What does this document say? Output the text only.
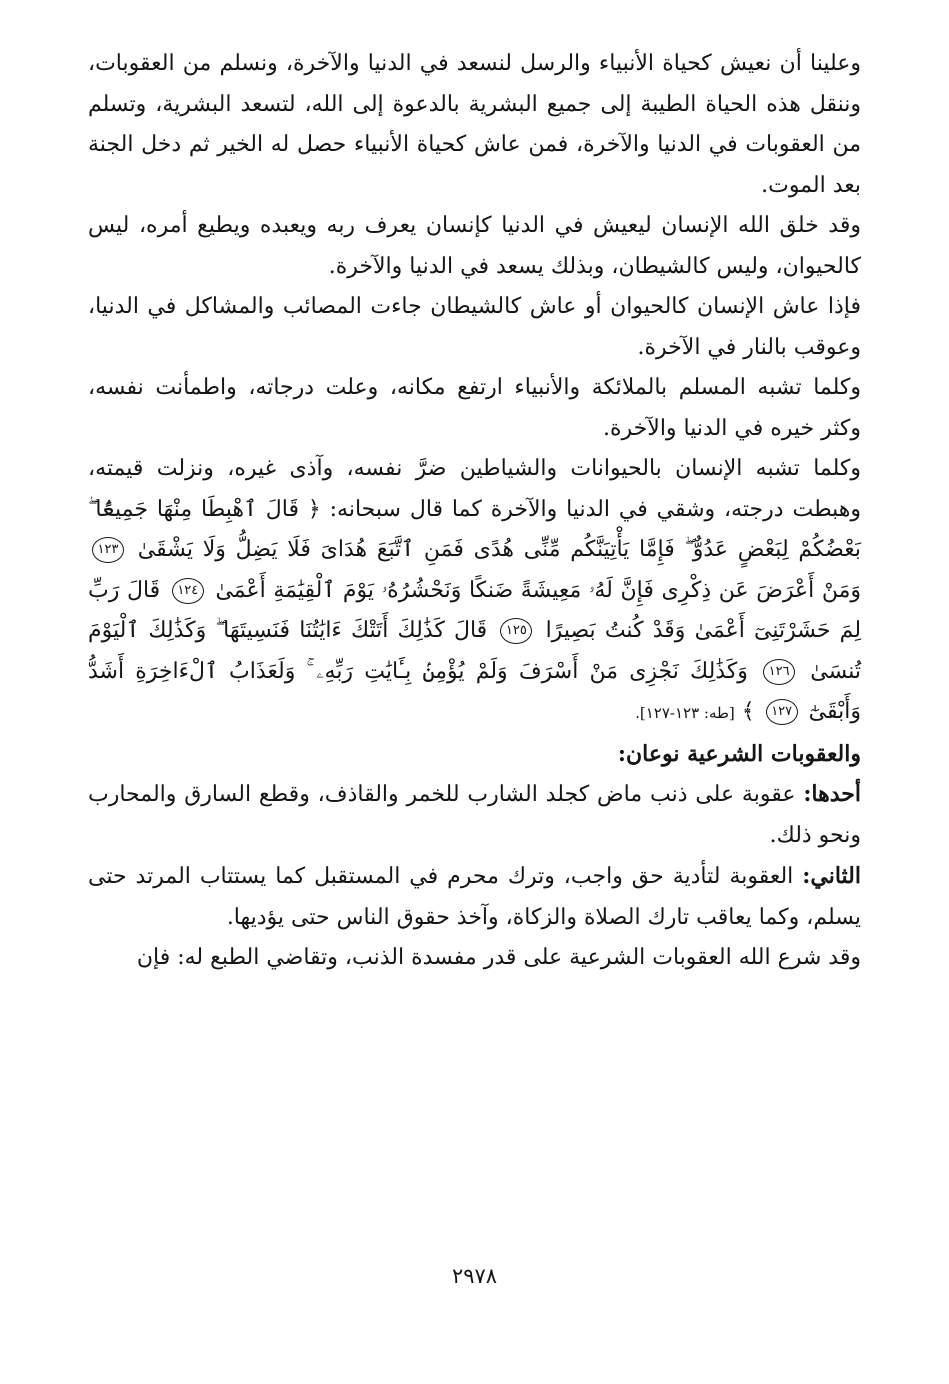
وعلينا أن نعيش كحياة الأنبياء والرسل لنسعد في الدنيا والآخرة، ونسلم من العقوبات، وننقل هذه الحياة الطيبة إلى جميع البشرية بالدعوة إلى الله، لتسعد البشرية، وتسلم من العقوبات في الدنيا والآخرة، فمن عاش كحياة الأنبياء حصل له الخير ثم دخل الجنة بعد الموت.

وقد خلق الله الإنسان ليعيش في الدنيا كإنسان يعرف ربه ويعبده ويطيع أمره، ليس كالحيوان، وليس كالشيطان، وبذلك يسعد في الدنيا والآخرة.

فإذا عاش الإنسان كالحيوان أو عاش كالشيطان جاءت المصائب والمشاكل في الدنيا، وعوقب بالنار في الآخرة.

وكلما تشبه المسلم بالملائكة والأنبياء ارتفع مكانه، وعلت درجاته، واطمأنت نفسه، وكثر خيره في الدنيا والآخرة.

وكلما تشبه الإنسان بالحيوانات والشياطين ضرَّ نفسه، وآذى غيره، ونزلت قيمته، وهبطت درجته، وشقي في الدنيا والآخرة كما قال سبحانه: ﴿ قَالَ ٱهْبِطَا مِنْهَا جَمِيعًۢا ۖ بَعْضُكُمْ لِبَعْضٍ عَدُوٌّ ۖ فَإِمَّا يَأْتِيَنَّكُم مِّنِّى هُدًى فَمَنِ ٱتَّبَعَ هُدَاىَ فَلَا يَضِلُّ وَلَا يَشْقَىٰ ١٢٣ وَمَنْ أَعْرَضَ عَن ذِكْرِى فَإِنَّ لَهُۥ مَعِيشَةً ضَنكًا وَنَحْشُرُهُۥ يَوْمَ ٱلْقِيَٰمَةِ أَعْمَىٰ ١٢٤ قَالَ رَبِّ لِمَ حَشَرْتَنِىٓ أَعْمَىٰ وَقَدْ كُنتُ بَصِيرًا ١٢٥ قَالَ كَذَٰلِكَ أَتَتْكَ ءَايَٰتُنَا فَنَسِيتَهَا ۖ وَكَذَٰلِكَ ٱلْيَوْمَ تُنسَىٰ ١٢٦ وَكَذَٰلِكَ نَجْزِى مَنْ أَسْرَفَ وَلَمْ يُؤْمِنۢ بِـَٔايَٰتِ رَبِّهِۦ ۚ وَلَعَذَابُ ٱلْءَاخِرَةِ أَشَدُّ وَأَبْقَىٰٓ ١٢٧ ﴾ [طه: ١٢٣-١٢٧].

والعقوبات الشرعية نوعان:

أحدها: عقوبة على ذنب ماض كجلد الشارب للخمر والقاذف، وقطع السارق والمحارب ونحو ذلك.

الثاني: العقوبة لتأدية حق واجب، وترك محرم في المستقبل كما يستتاب المرتد حتى يسلم، وكما يعاقب تارك الصلاة والزكاة، وآخذ حقوق الناس حتى يؤديها.

وقد شرع الله العقوبات الشرعية على قدر مفسدة الذنب، وتقاضي الطبع له: فإن

٢٩٧٨
